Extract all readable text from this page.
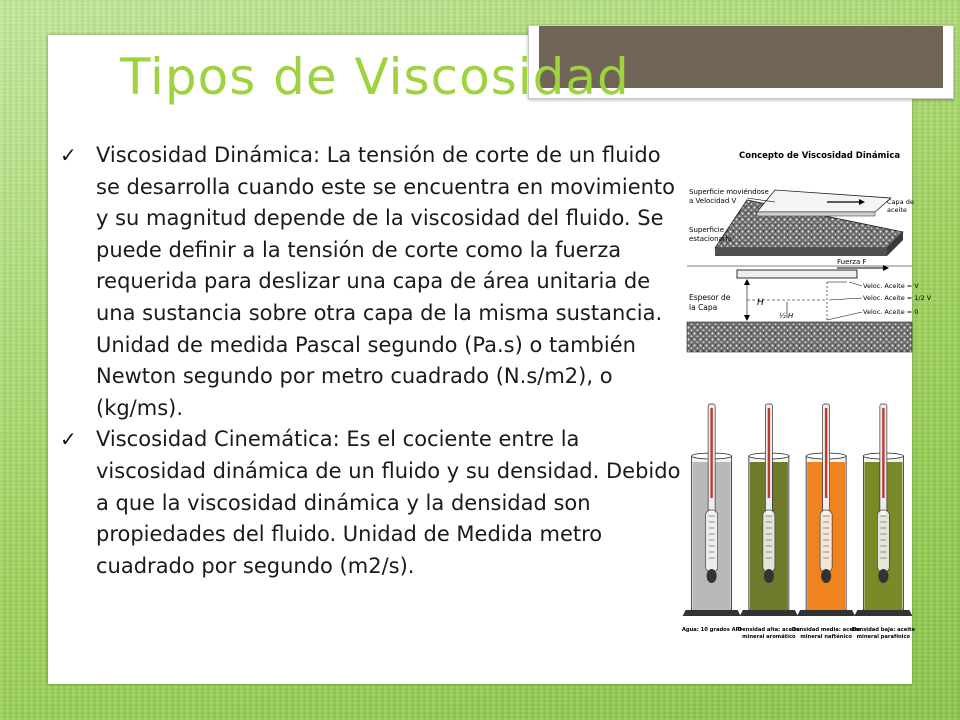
Tipos de Viscosidad
✓ Viscosidad Dinámica: La tensión de corte de un fluido se desarrolla cuando este se encuentra en movimiento y su magnitud depende de la viscosidad del fluido. Se puede definir a la tensión de corte como la fuerza requerida para deslizar una capa de área unitaria de una sustancia sobre otra capa de la misma sustancia. Unidad de medida Pascal segundo (Pa.s) o también Newton segundo por metro cuadrado (N.s/m2), o (kg/ms).
✓ Viscosidad Cinemática: Es el cociente entre la viscosidad dinámica de un fluido y su densidad. Debido a que la viscosidad dinámica y la densidad son propiedades del fluido. Unidad de Medida metro cuadrado por segundo (m2/s).
Concepto de Viscosidad Dinámica
Superficie moviéndose
a Velocidad V	Capa de
aceite
Superficie
estacionaria
Fuerza F
Espesor de
la Capa	H
½ H
Veloc. Aceite = V
Veloc. Aceite = 1/2 V
Veloc. Aceite = 0
Agua: 10 grados API
Densidad alta: aceite
mineral aromático
Densidad media: aceite
mineral nafténico
Densidad baja: aceite
mineral parafínico
